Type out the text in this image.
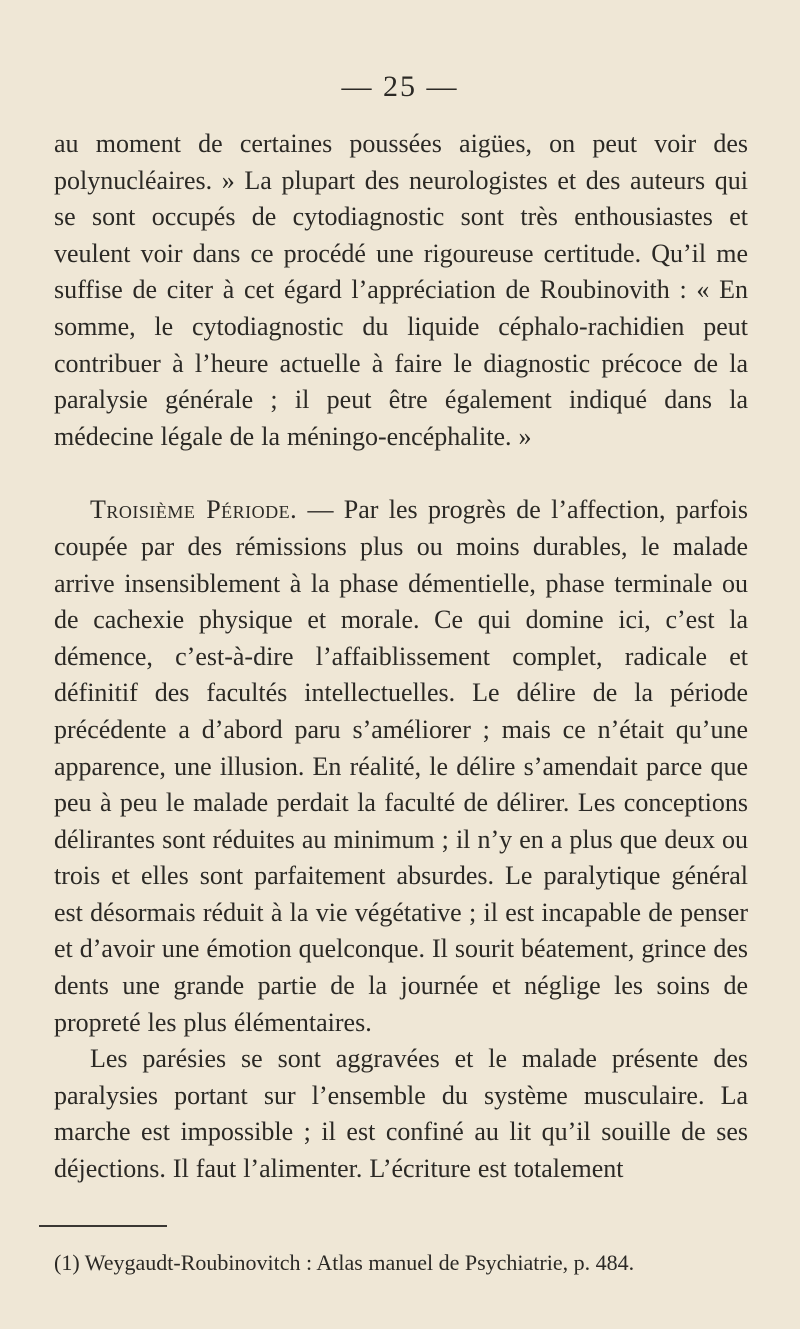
— 25 —

au moment de certaines poussées aigües, on peut voir des polynucléaires. » La plupart des neurologistes et des auteurs qui se sont occupés de cytodiagnostic sont très enthousiastes et veulent voir dans ce procédé une rigoureuse certitude. Qu’il me suffise de citer à cet égard l’appréciation de Roubinovith : « En somme, le cytodiagnostic du liquide céphalo-rachidien peut contribuer à l’heure actuelle à faire le diagnostic précoce de la paralysie générale ; il peut être également indiqué dans la médecine légale de la méningo-encéphalite. »

Troisième Période. — Par les progrès de l’affection, parfois coupée par des rémissions plus ou moins durables, le malade arrive insensiblement à la phase démentielle, phase terminale ou de cachexie physique et morale. Ce qui domine ici, c’est la démence, c’est-à-dire l’affaiblissement complet, radicale et définitif des facultés intellectuelles. Le délire de la période précédente a d’abord paru s’améliorer ; mais ce n’était qu’une apparence, une illusion. En réalité, le délire s’amendait parce que peu à peu le malade perdait la faculté de délirer. Les conceptions délirantes sont réduites au minimum ; il n’y en a plus que deux ou trois et elles sont parfaitement absurdes. Le paralytique général est désormais réduit à la vie végétative ; il est incapable de penser et d’avoir une émotion quelconque. Il sourit béatement, grince des dents une grande partie de la journée et néglige les soins de propreté les plus élémentaires.

Les parésies se sont aggravées et le malade présente des paralysies portant sur l’ensemble du système musculaire. La marche est impossible ; il est confiné au lit qu’il souille de ses déjections. Il faut l’alimenter. L’écriture est totalement

(1) Weygaudt-Roubinovitch : Atlas manuel de Psychiatrie, p. 484.
